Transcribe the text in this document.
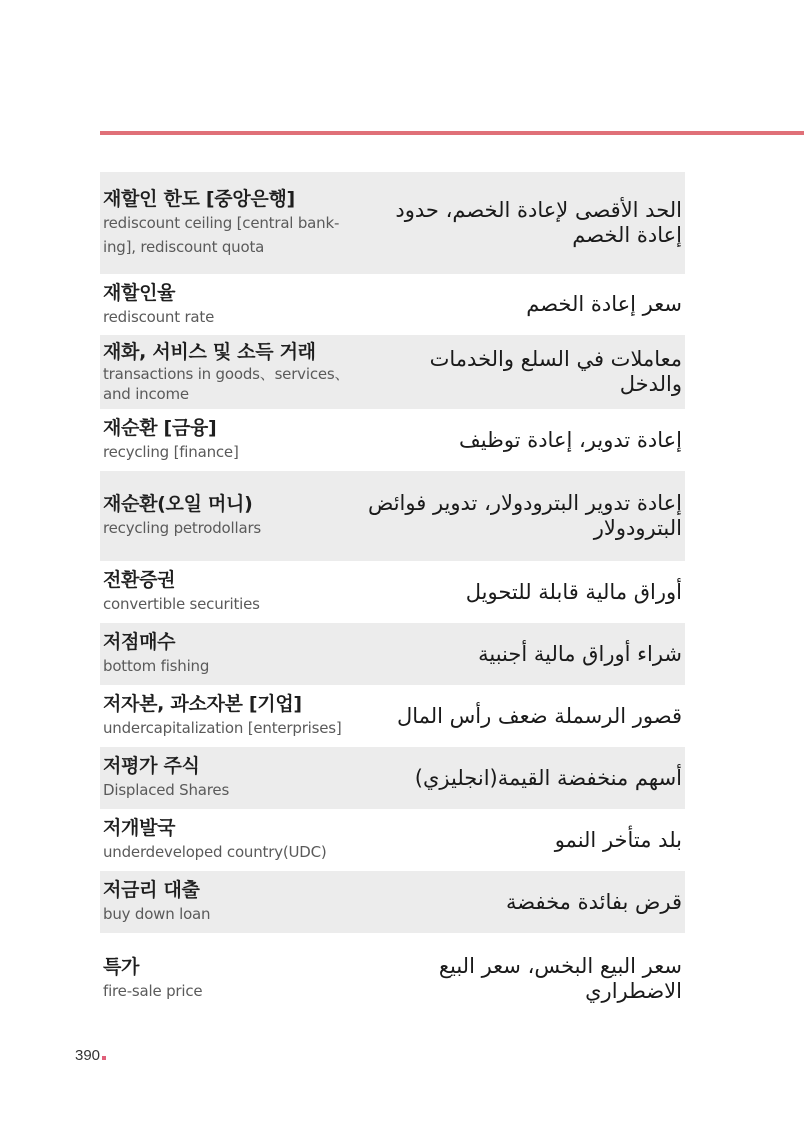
재할인 한도 [중앙은행]
rediscount ceiling [central bank-ing], rediscount quota
الحد الأقصى لإعادة الخصم، حدود إعادة الخصم
재할인율
rediscount rate
سعر إعادة الخصم
재화, 서비스 및 소득 거래
transactions in goods、services、and income
معاملات في السلع والخدمات والدخل
재순환 [금융]
recycling [finance]
إعادة تدوير، إعادة توظيف
재순환(오일 머니)
recycling petrodollars
إعادة تدوير البترودولار، تدوير فوائض البترودولار
전환증권
convertible securities
أوراق مالية قابلة للتحويل
저점매수
bottom fishing
شراء أوراق مالية أجنبية
저자본, 과소자본 [기업]
undercapitalization [enterprises]
قصور الرسملة ضعف رأس المال
저평가 주식
Displaced Shares
أسهم منخفضة القيمة(انجليزي)
저개발국
underdeveloped country(UDC)
بلد متأخر النمو
저금리 대출
buy down loan
قرض بفائدة مخفضة
특가
fire-sale price
سعر البيع البخس، سعر البيع الاضطراري
390
